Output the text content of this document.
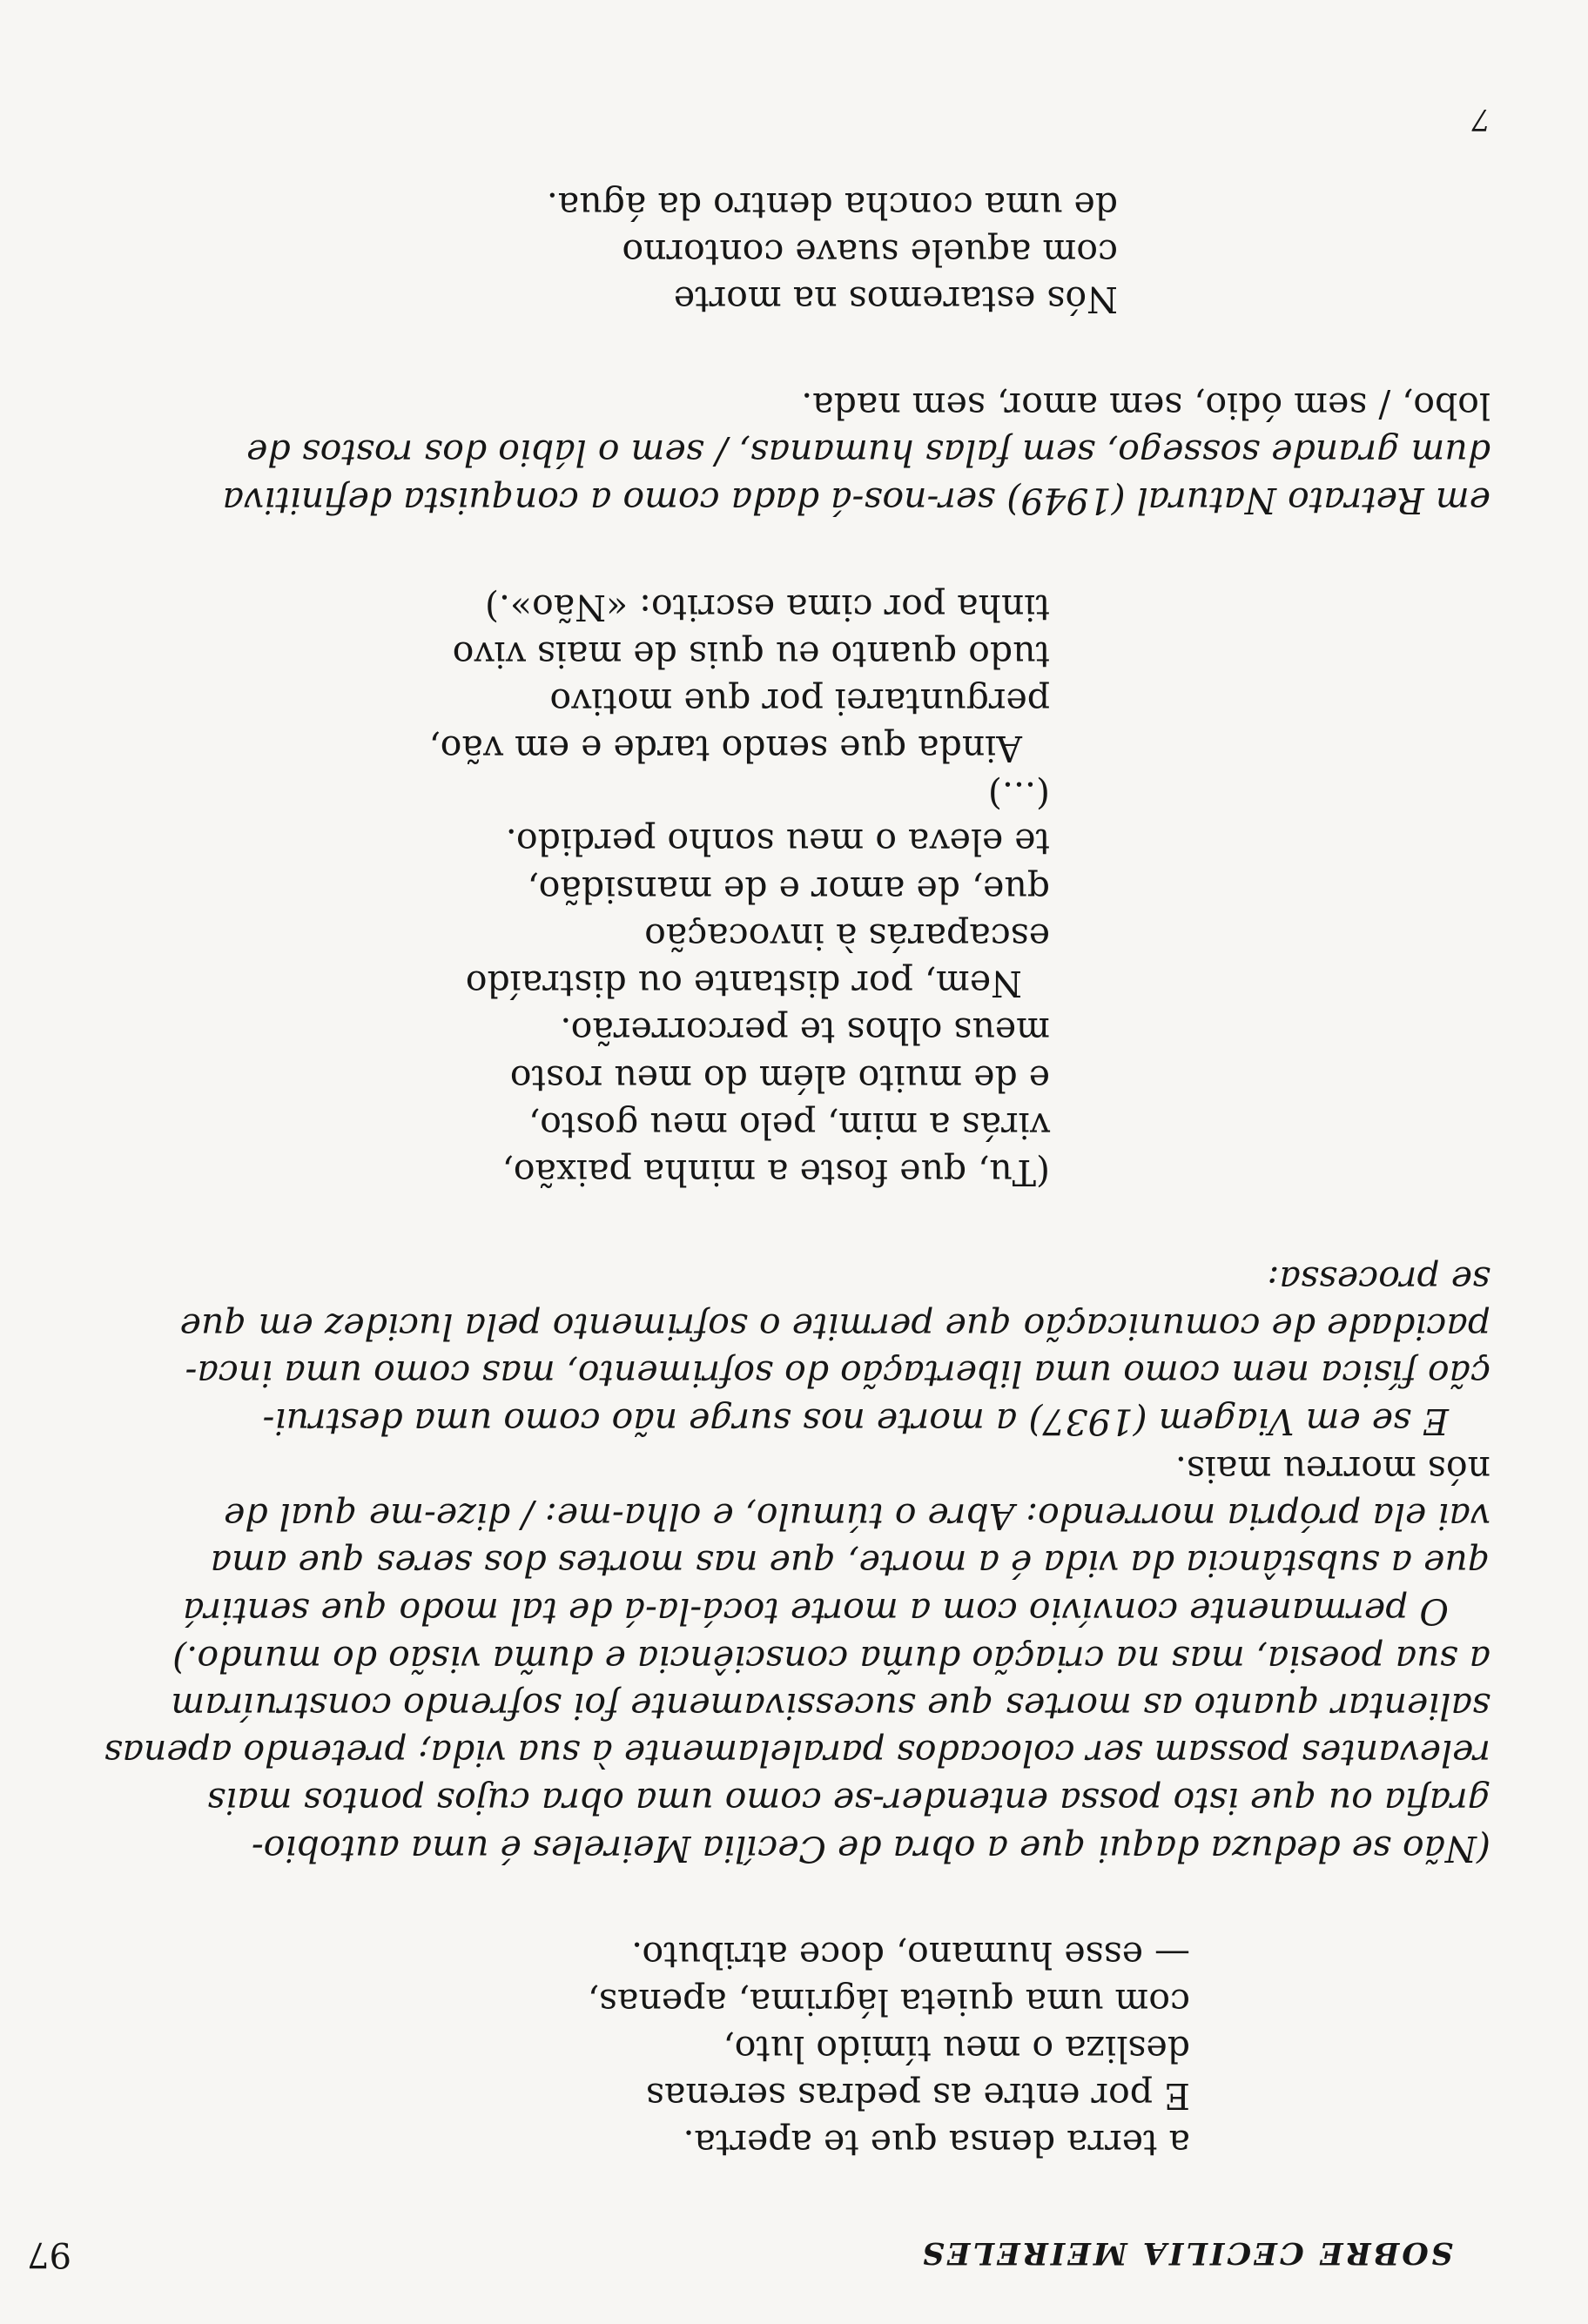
97	SOBRE CECILIA MEIRELES
a terra densa que te aperta.
E por entre as pedras serenas
desliza o meu tímido luto,
com uma quieta lágrima, apenas,
— esse humano, doce atributo.
(Não se deduza daqui que a obra de Cecília Meireles é uma autobio-
grafia ou que isto possa entender-se como uma obra cujos pontos mais
relevantes possam ser colocados paralelamente à sua vida; pretendo apenas
salientar quanto as mortes que sucessivamente foi sofrendo construíram
a sua poesia, mas na criação dum̃a consciência e dum̃a visão do mundo.)
O permanente convívio com a morte tocá-la-á de tal modo que sentirá
que a substância da vida é a morte, que nas mortes dos seres que ama
vai ela própria morrendo: Abre o túmulo, e olha-me: / dize-me qual de
nós morreu mais.
E se em Viagem (1937) a morte nos surge não como uma destrui-
ção física nem como uma libertação do sofrimento, mas como uma inca-
pacidade de comunicação que permite o sofrimento pela lucidez em que
se processa:
(Tu, que foste a minha paixão,
virás a mim, pelo meu gosto,
e de muito além do meu rosto
meus olhos te percorrerão.
Nem, por distante ou distraído
escaparás à invocação
que, de amor e de mansidão,
te eleva o meu sonho perdido.
(...)
Ainda que sendo tarde e em vão,
perguntarei por que motivo
tudo quanto eu quis de mais vivo
tinha por cima escrito: «Não».)
em Retrato Natural (1949) ser-nos-á dada como a conquista definitiva
dum grande sossego, sem falas humanas, / sem o lábio dos rostos de
lobo, / sem ódio, sem amor, sem nada.
Nós estaremos na morte
com aquele suave contorno
de uma concha dentro da água.
7
